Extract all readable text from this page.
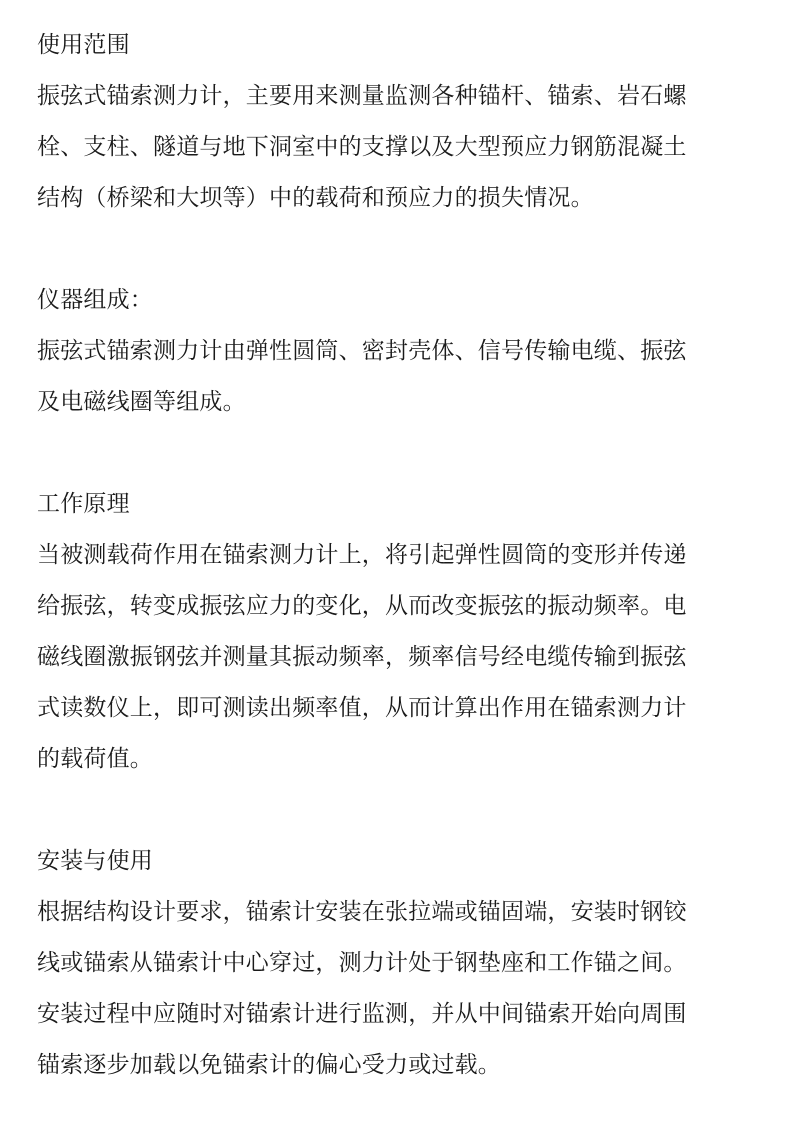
使用范围
振弦式锚索测力计，主要用来测量监测各种锚杆、锚索、岩石螺
栓、支柱、隧道与地下洞室中的支撑以及大型预应力钢筋混凝土
结构（桥梁和大坝等）中的载荷和预应力的损失情况。
仪器组成：
振弦式锚索测力计由弹性圆筒、密封壳体、信号传输电缆、振弦
及电磁线圈等组成。
工作原理
当被测载荷作用在锚索测力计上，将引起弹性圆筒的变形并传递
给振弦，转变成振弦应力的变化，从而改变振弦的振动频率。电
磁线圈激振钢弦并测量其振动频率，频率信号经电缆传输到振弦
式读数仪上，即可测读出频率值，从而计算出作用在锚索测力计
的载荷值。
安装与使用
根据结构设计要求，锚索计安装在张拉端或锚固端，安装时钢铰
线或锚索从锚索计中心穿过，测力计处于钢垫座和工作锚之间。
安装过程中应随时对锚索计进行监测，并从中间锚索开始向周围
锚索逐步加载以免锚索计的偏心受力或过载。
